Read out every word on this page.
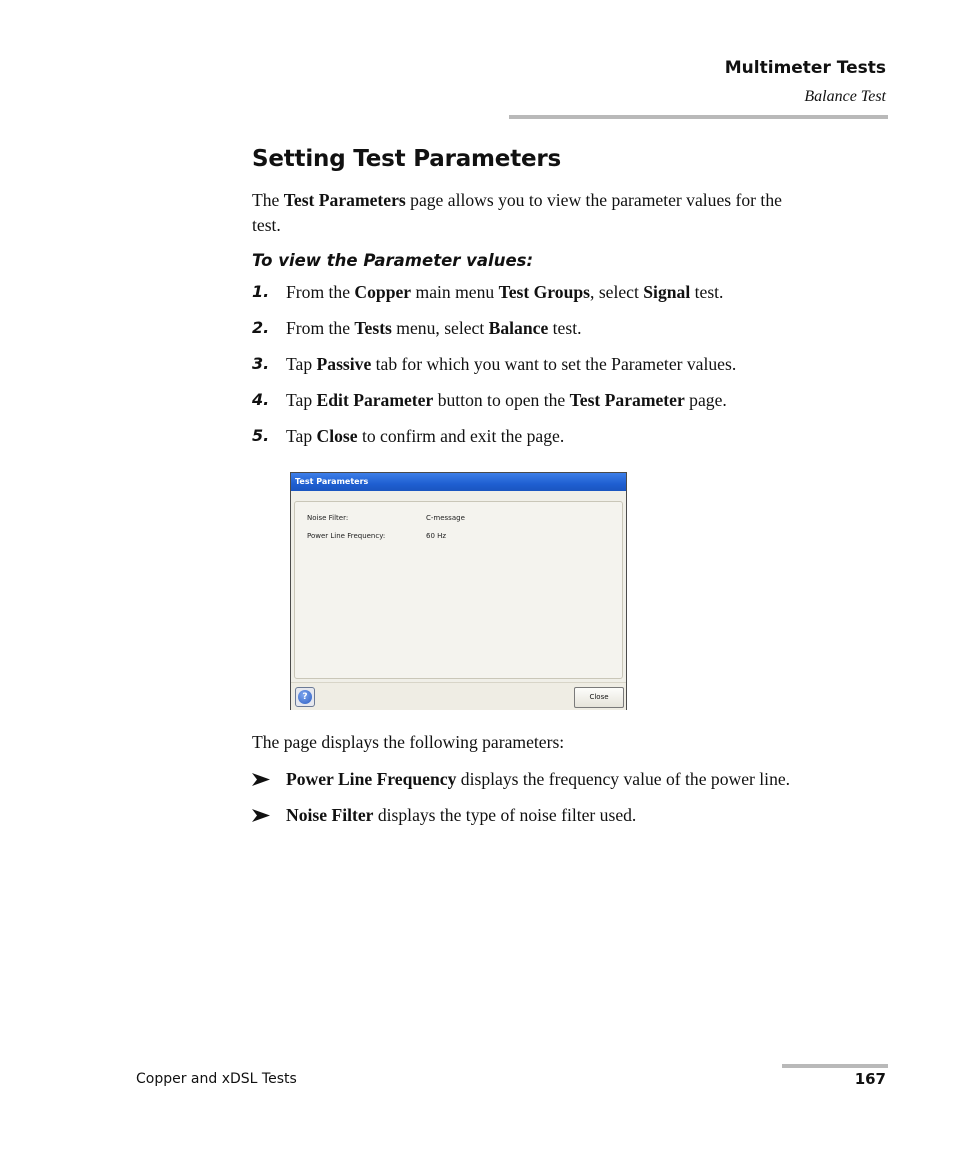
Multimeter Tests
Balance Test
Setting Test Parameters
The Test Parameters page allows you to view the parameter values for the
test.
To view the Parameter values:
1. From the Copper main menu Test Groups, select Signal test.
2. From the Tests menu, select Balance test.
3. Tap Passive tab for which you want to set the Parameter values.
4. Tap Edit Parameter button to open the Test Parameter page.
5. Tap Close to confirm and exit the page.
Test Parameters
Noise Filter:	C-message
Power Line Frequency:	60 Hz
?	Close
The page displays the following parameters:
Power Line Frequency displays the frequency value of the power line.
Noise Filter displays the type of noise filter used.
Copper and xDSL Tests	167
